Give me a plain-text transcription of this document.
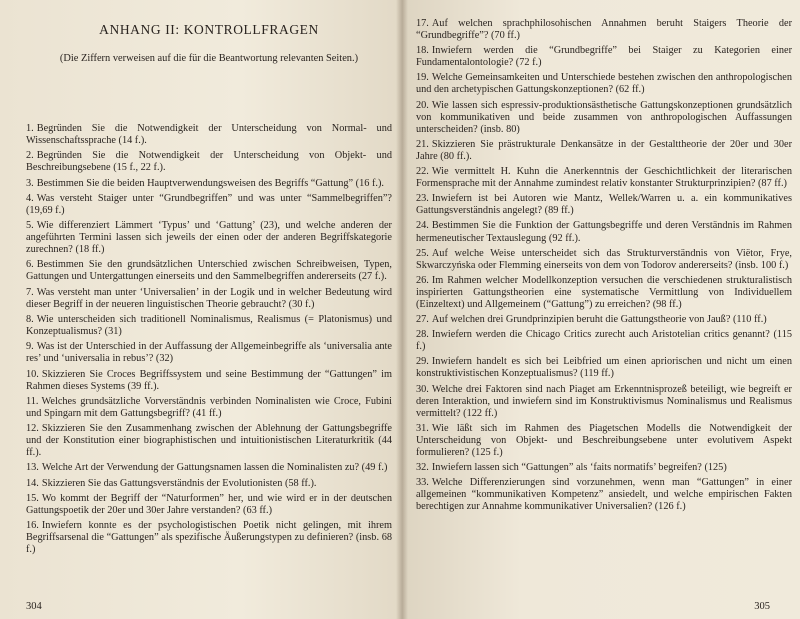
ANHANG II: KONTROLLFRAGEN

(Die Ziffern verweisen auf die für die Beantwortung relevanten Seiten.)

1. Begründen Sie die Notwendigkeit der Unterscheidung von Normal- und Wissenschaftssprache (14 f.).
2. Begründen Sie die Notwendigkeit der Unterscheidung von Objekt- und Beschreibungsebene (15 f., 22 f.).
3. Bestimmen Sie die beiden Hauptverwendungsweisen des Begriffs “Gattung” (16 f.).
4. Was versteht Staiger unter “Grundbegriffen” und was unter “Sammelbegriffen”? (19,69 f.)
5. Wie differenziert Lämmert ‘Typus’ und ‘Gattung’ (23), und welche anderen der angeführten Termini lassen sich jeweils der einen oder der anderen Begriffskategorie zurechnen? (18 ff.)
6. Bestimmen Sie den grundsätzlichen Unterschied zwischen Schreibweisen, Typen, Gattungen und Untergattungen einerseits und den Sammelbegriffen andererseits (27 f.).
7. Was versteht man unter ‘Universalien’ in der Logik und in welcher Bedeutung wird dieser Begriff in der neueren linguistischen Theorie gebraucht? (30 f.)
8. Wie unterscheiden sich traditionell Nominalismus, Realismus (= Platonismus) und Konzeptualismus? (31)
9. Was ist der Unterschied in der Auffassung der Allgemeinbegriffe als ‘universalia ante res’ und ‘universalia in rebus’? (32)
10. Skizzieren Sie Croces Begriffssystem und seine Bestimmung der “Gattungen” im Rahmen dieses Systems (39 ff.).
11. Welches grundsätzliche Vorverständnis verbinden Nominalisten wie Croce, Fubini und Spingarn mit dem Gattungsbegriff? (41 ff.)
12. Skizzieren Sie den Zusammenhang zwischen der Ablehnung der Gattungsbegriffe und der Konstitution einer biographistischen und intuitionistischen Literaturkritik (44 ff.).
13. Welche Art der Verwendung der Gattungsnamen lassen die Nominalisten zu? (49 f.)
14. Skizzieren Sie das Gattungsverständnis der Evolutionisten (58 ff.).
15. Wo kommt der Begriff der “Naturformen” her, und wie wird er in der deutschen Gattungspoetik der 20er und 30er Jahre verstanden? (63 ff.)
16. Inwiefern konnte es der psychologistischen Poetik nicht gelingen, mit ihrem Begriffsarsenal die “Gattungen” als spezifische Äußerungstypen zu definieren? (insb. 68 f.)
304
17. Auf welchen sprachphilosohischen Annahmen beruht Staigers Theorie der “Grundbegriffe”? (70 ff.)
18. Inwiefern werden die “Grundbegriffe” bei Staiger zu Kategorien einer Fundamentalontologie? (72 f.)
19. Welche Gemeinsamkeiten und Unterschiede bestehen zwischen den anthropologischen und den archetypischen Gattungskonzeptionen? (62 ff.)
20. Wie lassen sich espressiv-produktionsästhetische Gattungskonzeptionen grundsätzlich von kommunikativen und beide zusammen von anthropologischen Auffassungen unterscheiden? (insb. 80)
21. Skizzieren Sie prästrukturale Denkansätze in der Gestalttheorie der 20er und 30er Jahre (80 ff.).
22. Wie vermittelt H. Kuhn die Anerkenntnis der Geschichtlichkeit der literarischen Formensprache mit der Annahme zumindest relativ konstanter Strukturprinzipien? (87 ff.)
23. Inwiefern ist bei Autoren wie Mantz, Wellek/Warren u. a. ein kommunikatives Gattungsverständnis angelegt? (89 ff.)
24. Bestimmen Sie die Funktion der Gattungsbegriffe und deren Verständnis im Rahmen hermeneutischer Textauslegung (92 ff.).
25. Auf welche Weise unterscheidet sich das Strukturverständnis von Viëtor, Frye, Skwarczyńska oder Flemming einerseits von dem von Todorov andererseits? (insb. 100 f.)
26. Im Rahmen welcher Modellkonzeption versuchen die verschiedenen strukturalistisch inspirierten Gattungstheorien eine systematische Vermittlung von Individuellem (Einzeltext) und Allgemeinem (“Gattung”) zu erreichen? (98 ff.)
27. Auf welchen drei Grundprinzipien beruht die Gattungstheorie von Jauß? (110 ff.)
28. Inwiefern werden die Chicago Critics zurecht auch Aristotelian critics genannt? (115 f.)
29. Inwiefern handelt es sich bei Leibfried um einen apriorischen und nicht um einen konstruktivistischen Konzeptualismus? (119 ff.)
30. Welche drei Faktoren sind nach Piaget am Erkenntnisprozeß beteiligt, wie begreift er deren Interaktion, und inwiefern sind im Konstruktivismus Nominalismus und Realismus vermittelt? (122 ff.)
31. Wie läßt sich im Rahmen des Piagetschen Modells die Notwendigkeit der Unterscheidung von Objekt- und Beschreibungsebene unter evolutivem Aspekt formulieren? (125 f.)
32. Inwiefern lassen sich “Gattungen” als ‘faits normatifs’ begreifen? (125)
33. Welche Differenzierungen sind vorzunehmen, wenn man “Gattungen” in einer allgemeinen “kommunikativen Kompetenz” ansiedelt, und welche empirischen Fakten berechtigen zur Annahme kommunikativer Universalien? (126 f.)
305
